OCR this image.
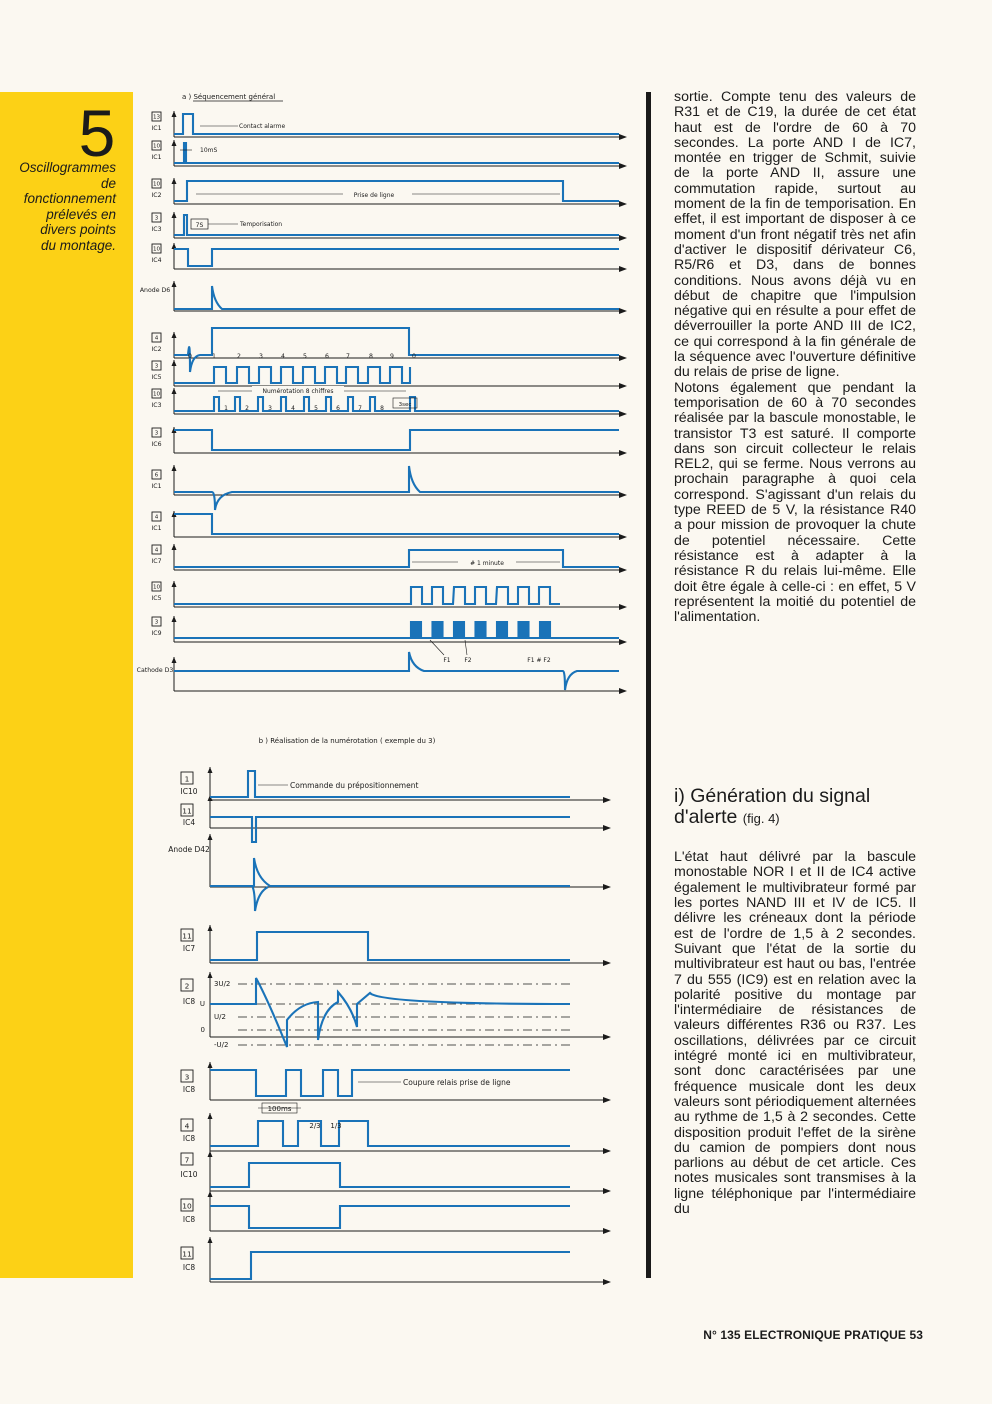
5
Oscillogrammes
de
fonctionnement
prélevés en
divers points
du montage.
a ) Séquencement général
13
IC1
10
IC1
10
IC2
3
IC3
10
IC4
Anode D6
4
IC2
3
IC5
10
IC3
3
IC6
6
IC1
4
IC1
4
IC7
10
IC5
3
IC9
Cathode D3
Contact alarme
10mS
Prise de ligne
7S	Temporisation
0	1	2	3	4	5	6	7	8	9	0
Numérotation 8 chiffres
1	2	3	4	5	6	7	8	3sec
# 1 minute
F1 F2	F1 # F2
b ) Réalisation de la numérotation ( exemple du 3)
1
IC10
11
IC4
Anode D42
11
IC7
2
IC8
3
IC8
4
IC8
7
IC10
10
IC8
11
IC8
Commande du prépositionnement
3U/2
U
U/2
0
-U/2
Coupure relais prise de ligne
100ms
2/3 1/3

sortie. Compte tenu des valeurs de R31 et de C19, la durée de cet état haut est de l'ordre de 60 à 70 secondes. La porte AND I de IC7, montée en trigger de Schmit, suivie de la porte AND II, assure une commutation rapide, surtout au moment de la fin de temporisation. En effet, il est important de disposer à ce moment d'un front négatif très net afin d'activer le dispositif dérivateur C6, R5/R6 et D3, dans de bonnes conditions. Nous avons déjà vu en début de chapitre que l'impulsion négative qui en résulte a pour effet de déverrouiller la porte AND III de IC2, ce qui correspond à la fin générale de la séquence avec l'ouverture définitive du relais de prise de ligne.

Notons également que pendant la temporisation de 60 à 70 secondes réalisée par la bascule monostable, le transistor T3 est saturé. Il comporte dans son circuit collecteur le relais REL2, qui se ferme. Nous verrons au prochain paragraphe à quoi cela correspond. S'agissant d'un relais du type REED de 5 V, la résistance R40 a pour mission de provoquer la chute de potentiel nécessaire. Cette résistance est à adapter à la résistance R du relais lui-même. Elle doit être égale à celle-ci : en effet, 5 V représentent la moitié du potentiel de l'alimentation.

i) Génération du signal d'alerte (fig. 4)

L'état haut délivré par la bascule monostable NOR I et II de IC4 active également le multivibrateur formé par les portes NAND III et IV de IC5. Il délivre les créneaux dont la période est de l'ordre de 1,5 à 2 secondes. Suivant que l'état de la sortie du multivibrateur est haut ou bas, l'entrée 7 du 555 (IC9) est en relation avec la polarité positive du montage par l'intermédiaire de résistances de valeurs différentes R36 ou R37. Les oscillations, délivrées par ce circuit intégré monté ici en multivibrateur, sont donc caractérisées par une fréquence musicale dont les deux valeurs sont périodiquement alternées au rythme de 1,5 à 2 secondes. Cette disposition produit l'effet de la sirène du camion de pompiers dont nous parlions au début de cet article. Ces notes musicales sont transmises à la ligne téléphonique par l'intermédiaire du

N° 135 ELECTRONIQUE PRATIQUE 53
